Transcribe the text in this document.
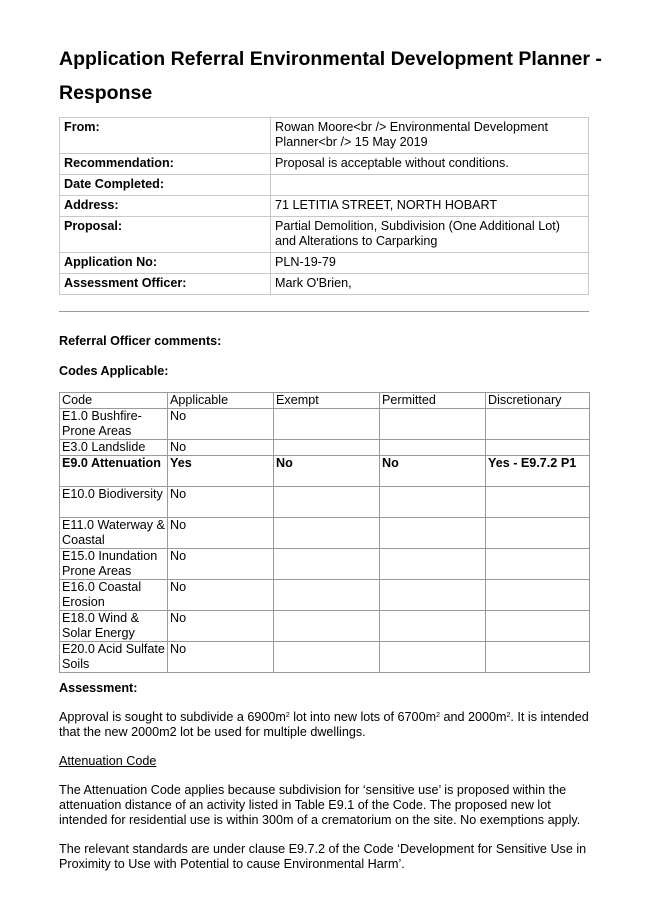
Application Referral Environmental Development Planner - Response
From:	Rowan Moore<br /> Environmental Development Planner<br /> 15 May 2019
Recommendation:	Proposal is acceptable without conditions.
Date Completed:	
Address:	71 LETITIA STREET, NORTH HOBART
Proposal:	Partial Demolition, Subdivision (One Additional Lot) and Alterations to Carparking
Application No:	PLN-19-79
Assessment Officer:	Mark O'Brien,

Referral Officer comments:

Codes Applicable:

Code	Applicable	Exempt	Permitted	Discretionary
E1.0 Bushfire-Prone Areas	No			
E3.0 Landslide	No			
E9.0 Attenuation	Yes	No	No	Yes - E9.7.2 P1
E10.0 Biodiversity	No			
E11.0 Waterway & Coastal	No			
E15.0 Inundation Prone Areas	No			
E16.0 Coastal Erosion	No			
E18.0 Wind & Solar Energy	No			
E20.0 Acid Sulfate Soils	No			

Assessment:

Approval is sought to subdivide a $6900m^2$ lot into new lots of $6700m^2$ and $2000m^2$. It is intended that the new 2000m2 lot be used for multiple dwellings.

Attenuation Code

The Attenuation Code applies because subdivision for ‘sensitive use’ is proposed within the attenuation distance of an activity listed in Table E9.1 of the Code. The proposed new lot intended for residential use is within 300m of a crematorium on the site. No exemptions apply.

The relevant standards are under clause E9.7.2 of the Code ‘Development for Sensitive Use in Proximity to Use with Potential to cause Environmental Harm’.
